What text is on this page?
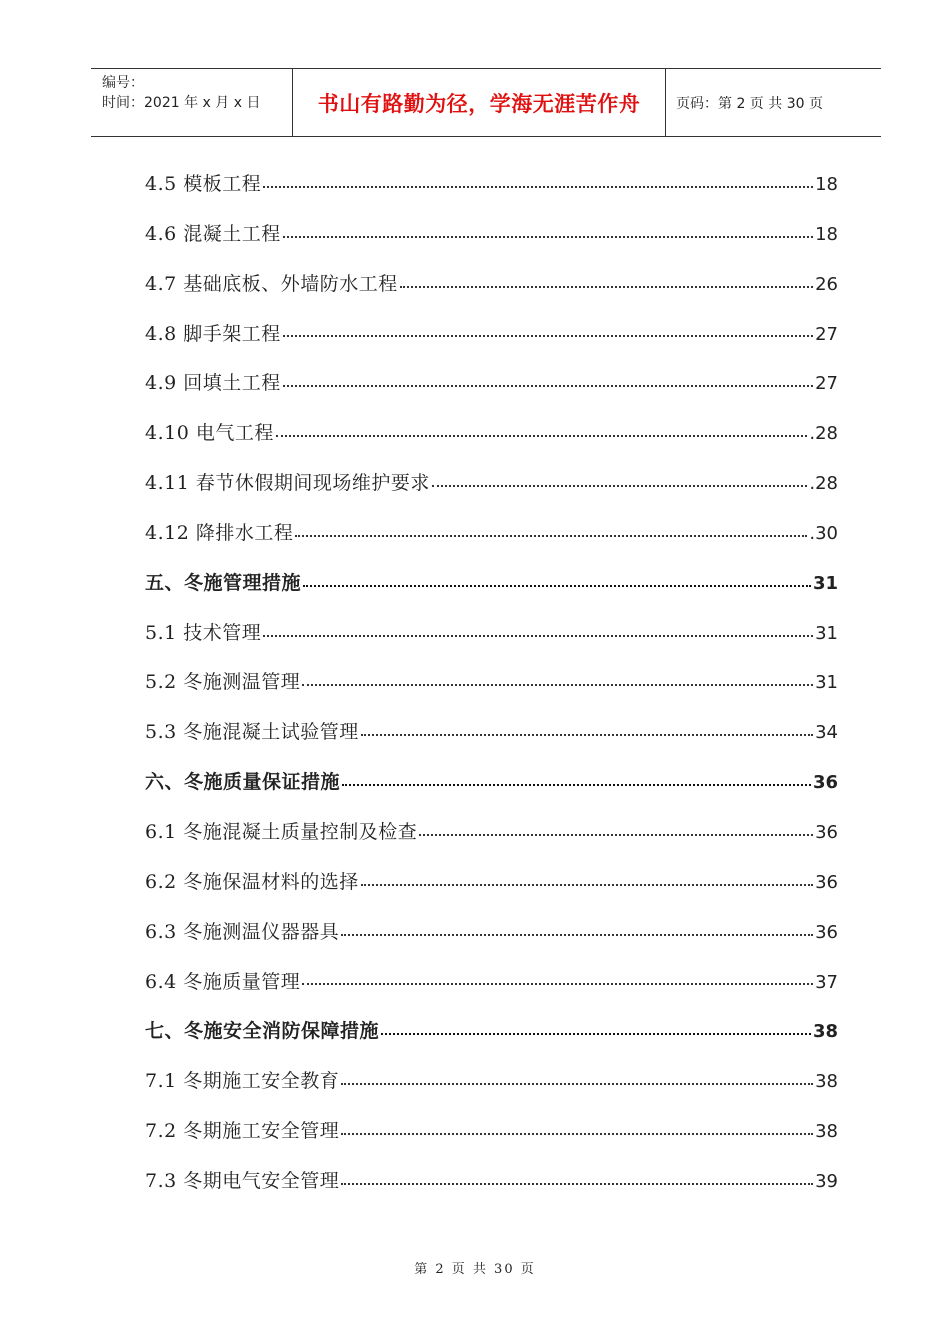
编号：
时间：2021 年 x 月 x 日	书山有路勤为径，学海无涯苦作舟	页码：第 2 页 共 30 页
4.5 模板工程	18
4.6 混凝土工程	18
4.7 基础底板、外墙防水工程	26
4.8 脚手架工程	27
4.9 回填土工程	27
4.10 电气工程	.28
4.11 春节休假期间现场维护要求	.28
4.12 降排水工程	.30
五、冬施管理措施	31
5.1 技术管理	31
5.2 冬施测温管理	31
5.3 冬施混凝土试验管理	34
六、冬施质量保证措施	36
6.1 冬施混凝土质量控制及检查	36
6.2 冬施保温材料的选择	36
6.3 冬施测温仪器器具	36
6.4 冬施质量管理	37
七、冬施安全消防保障措施	38
7.1 冬期施工安全教育	38
7.2 冬期施工安全管理	38
7.3 冬期电气安全管理	39
第 2 页 共 30 页
